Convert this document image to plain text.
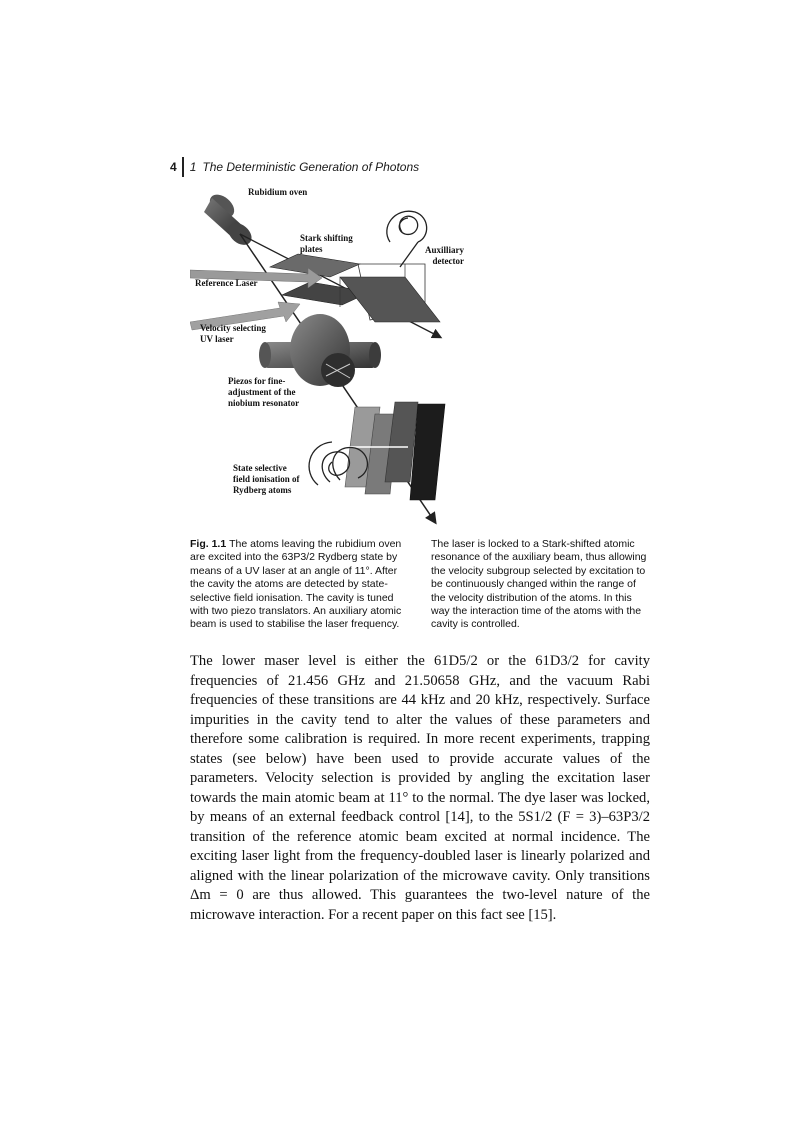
4 1 The Deterministic Generation of Photons
Rubidium oven
Stark shifting
plates	Auxilliary
detector
Reference Laser
Velocity selecting
UV laser
Piezos for fine-
adjustment of the
niobium resonator
State selective
field ionisation of
Rydberg atoms
Fig. 1.1 The atoms leaving the rubidium oven are excited into the 63P3/2 Rydberg state by means of a UV laser at an angle of 11°. After the cavity the atoms are detected by state-selective field ionisation. The cavity is tuned with two piezo translators. An auxiliary atomic beam is used to stabilise the laser frequency.
The laser is locked to a Stark-shifted atomic resonance of the auxiliary beam, thus allowing the velocity subgroup selected by excitation to be continuously changed within the range of the velocity distribution of the atoms. In this way the interaction time of the atoms with the cavity is controlled.

The lower maser level is either the 61D5/2 or the 61D3/2 for cavity frequencies of 21.456 GHz and 21.50658 GHz, and the vacuum Rabi frequencies of these transitions are 44 kHz and 20 kHz, respectively. Surface impurities in the cavity tend to alter the values of these parameters and therefore some calibration is required. In more recent experiments, trapping states (see below) have been used to provide accurate values of the parameters. Velocity selection is provided by angling the excitation laser towards the main atomic beam at 11° to the normal. The dye laser was locked, by means of an external feedback control [14], to the 5S1/2 (F = 3)–63P3/2 transition of the reference atomic beam excited at normal incidence. The exciting laser light from the frequency-doubled laser is linearly polarized and aligned with the linear polarization of the microwave cavity. Only transitions Δm = 0 are thus allowed. This guarantees the two-level nature of the microwave interaction. For a recent paper on this fact see [15].
